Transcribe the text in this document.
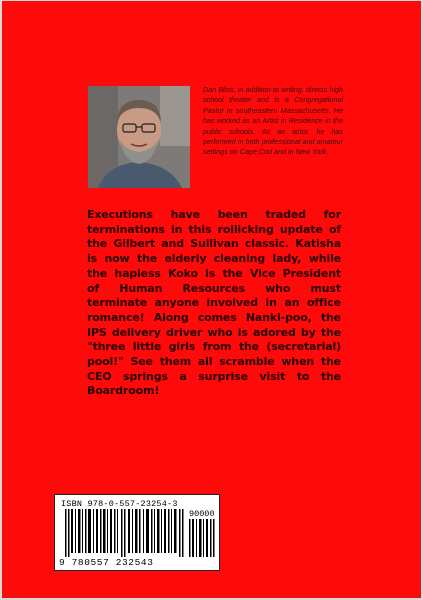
Dan Bliss, in addition to writing, directs high school theater and is a Congregational Pastor in southeastern Massachusetts. He has worked as an Artist in Residence in the public schools. As an actor, he has performed in both professional and amateur settings on Cape Cod and in New York.
Executions have been traded for terminations in this rollicking update of the Gilbert and Sullivan classic. Katisha is now the elderly cleaning lady, while the hapless Koko is the Vice President of Human Resources who must terminate anyone involved in an office romance! Along comes Nanki-poo, the IPS delivery driver who is adored by the "three little girls from the (secretarial) pool!" See them all scramble when the CEO springs a surprise visit to the Boardroom!
ISBN 978-0-557-23254-3
90000
9 780557 232543
